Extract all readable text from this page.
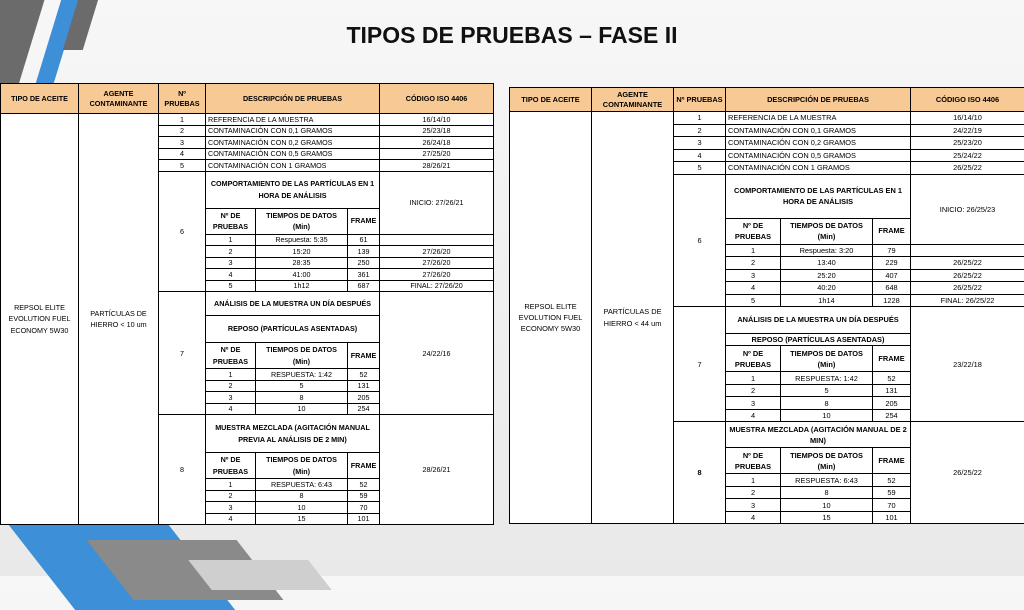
TIPOS DE PRUEBAS – FASE II
TIPO DE ACEITE	AGENTE CONTAMINANTE	Nº PRUEBAS	DESCRIPCIÓN DE PRUEBAS			CÓDIGO ISO 4406
REPSOL ELITE EVOLUTION FUEL ECONOMY 5W30	PARTÍCULAS DE HIERRO < 10 um	1	REFERENCIA DE LA MUESTRA			16/14/10
		2	CONTAMINACIÓN CON 0,1 GRAMOS			25/23/18
		3	CONTAMINACIÓN CON 0,2 GRAMOS			26/24/18
		4	CONTAMINACIÓN CON 0,5 GRAMOS			27/25/20
		5	CONTAMINACIÓN CON 1 GRAMOS			28/26/21
		6	COMPORTAMIENTO DE LAS PARTÍCULAS EN 1 HORA DE ANÁLISIS			INICIO: 27/26/21
			Nº DE PRUEBAS	TIEMPOS DE DATOS (Min)	FRAME	
			1	Respuesta: 5:35	61	
			2	15:20	139	27/26/20
			3	28:35	250	27/26/20
			4	41:00	361	27/26/20
			5	1h12	687	FINAL: 27/26/20
		7	ANÁLISIS DE LA MUESTRA UN DÍA DESPUÉS			24/22/16
			REPOSO (PARTÍCULAS ASENTADAS)			
			Nº DE PRUEBAS	TIEMPOS DE DATOS (Min)	FRAME	
			1	RESPUESTA: 1:42	52	
			2	5	131	
			3	8	205	
			4	10	254	
		8	MUESTRA MEZCLADA (AGITACIÓN MANUAL PREVIA AL ANÁLISIS DE 2 MIN)			28/26/21
			Nº DE PRUEBAS	TIEMPOS DE DATOS (Min)	FRAME	
			1	RESPUESTA: 6:43	52	
			2	8	59	
			3	10	70	
			4	15	101	
TIPO DE ACEITE	AGENTE CONTAMINANTE	Nº PRUEBAS	DESCRIPCIÓN DE PRUEBAS			CÓDIGO ISO 4406
REPSOL ELITE EVOLUTION FUEL ECONOMY 5W30	PARTÍCULAS DE HIERRO < 44 um	1	REFERENCIA DE LA MUESTRA			16/14/10
		2	CONTAMINACIÓN CON 0,1 GRAMOS			24/22/19
		3	CONTAMINACIÓN CON 0,2 GRAMOS			25/23/20
		4	CONTAMINACIÓN CON 0,5 GRAMOS			25/24/22
		5	CONTAMINACIÓN CON 1 GRAMOS			26/25/22
		6	COMPORTAMIENTO DE LAS PARTÍCULAS EN 1 HORA DE ANÁLISIS			INICIO: 26/25/23
			Nº DE PRUEBAS	TIEMPOS DE DATOS (Min)	FRAME	
			1	Respuesta: 3:20	79	
			2	13:40	229	26/25/22
			3	25:20	407	26/25/22
			4	40:20	648	26/25/22
			5	1h14	1228	FINAL: 26/25/22
		7	ANÁLISIS DE LA MUESTRA UN DÍA DESPUÉS			23/22/18
			REPOSO (PARTÍCULAS ASENTADAS)			
			Nº DE PRUEBAS	TIEMPOS DE DATOS (Min)	FRAME	
			1	RESPUESTA: 1:42	52	
			2	5	131	
			3	8	205	
			4	10	254	
		8	MUESTRA MEZCLADA (AGITACIÓN MANUAL DE 2 MIN)			26/25/22
			Nº DE PRUEBAS	TIEMPOS DE DATOS (Min)	FRAME	
			1	RESPUESTA: 6:43	52	
			2	8	59	
			3	10	70	
			4	15	101	
